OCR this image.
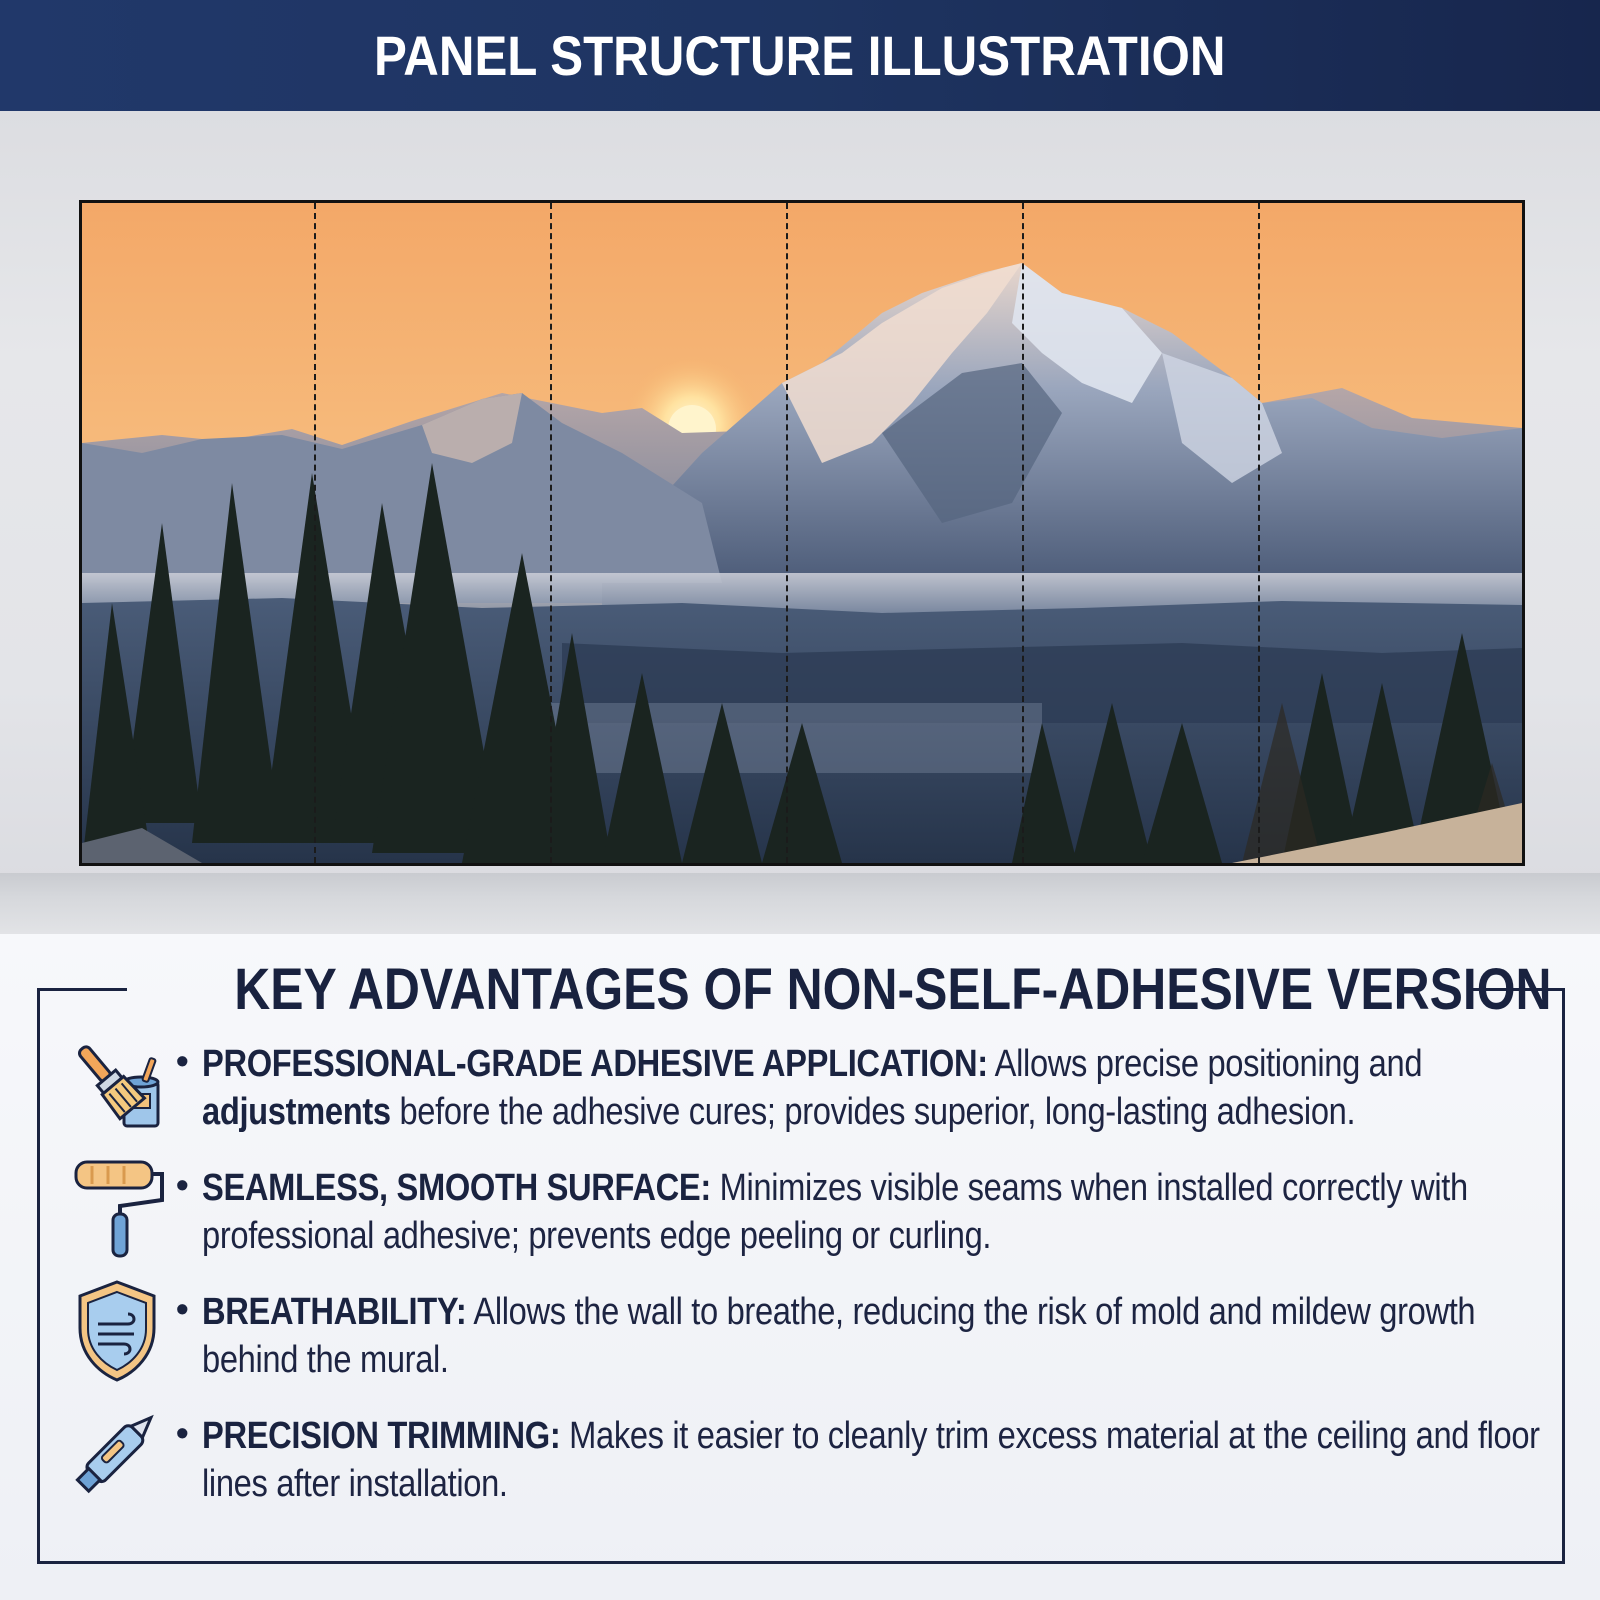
PANEL STRUCTURE ILLUSTRATION
KEY ADVANTAGES OF NON-SELF-ADHESIVE VERSION
• PROFESSIONAL-GRADE ADHESIVE APPLICATION: Allows precise positioning and adjustments before the adhesive cures; provides superior, long-lasting adhesion.
• SEAMLESS, SMOOTH SURFACE: Minimizes visible seams when installed correctly with professional adhesive; prevents edge peeling or curling.
• BREATHABILITY: Allows the wall to breathe, reducing the risk of mold and mildew growth behind the mural.
• PRECISION TRIMMING: Makes it easier to cleanly trim excess material at the ceiling and floor lines after installation.
